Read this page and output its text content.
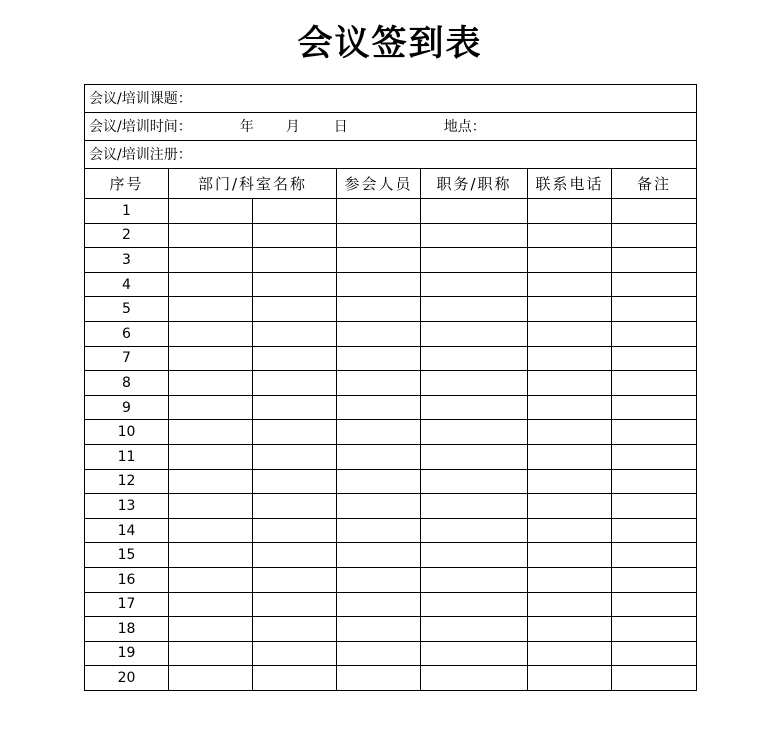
会议签到表
会议/培训课题：						
会议/培训时间： 年 月 日 地点：						
会议/培训注册：						
序号	部门/科室名称		参会人员	职务/职称	联系电话	备注
1						
2						
3						
4						
5						
6						
7						
8						
9						
10						
11						
12						
13						
14						
15						
16						
17						
18						
19						
20						
